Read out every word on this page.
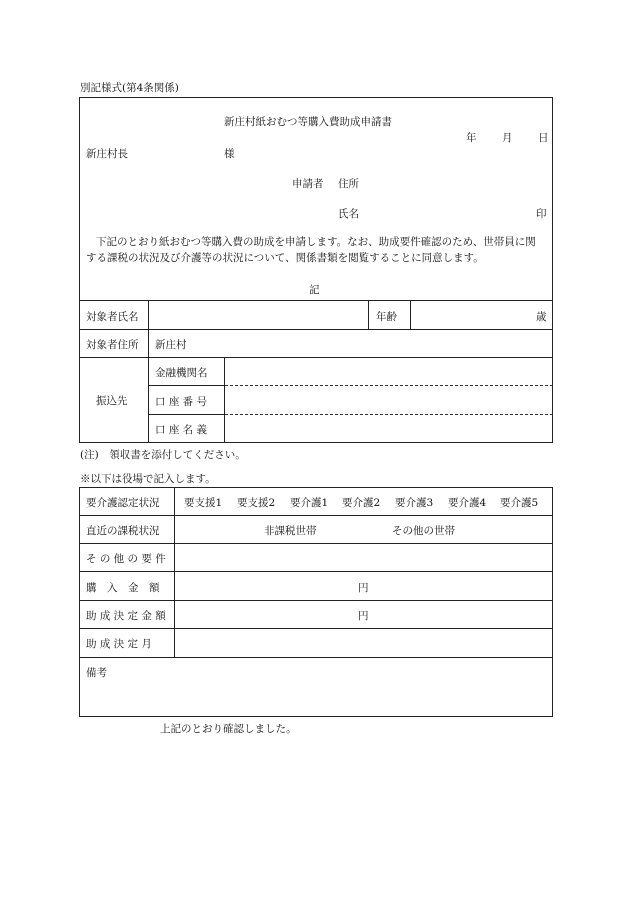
別記様式(第4条関係)
新庄村紙おむつ等購入費助成申請書
年 月 日
新庄村長	様
申請者 住所
氏名	印
下記のとおり紙おむつ等購入費の助成を申請します。なお、助成要件確認のため、世帯員に関する課税の状況及び介護等の状況について、関係書類を閲覧することに同意します。
記
対象者氏名	年齢	歳
対象者住所 新庄村
振込先
金融機関名
口 座 番 号
口 座 名 義
(注)　領収書を添付してください。
※以下は役場で記入します。
要介護認定状況 要支援1 要支援2 要介護1 要介護2 要介護3 要介護4 要介護5
直近の課税状況	非課税世帯	その他の世帯
そ の 他 の 要 件
購　入　金　額	円
助 成 決 定 金 額	円
助 成 決 定 月
備考
上記のとおり確認しました。
